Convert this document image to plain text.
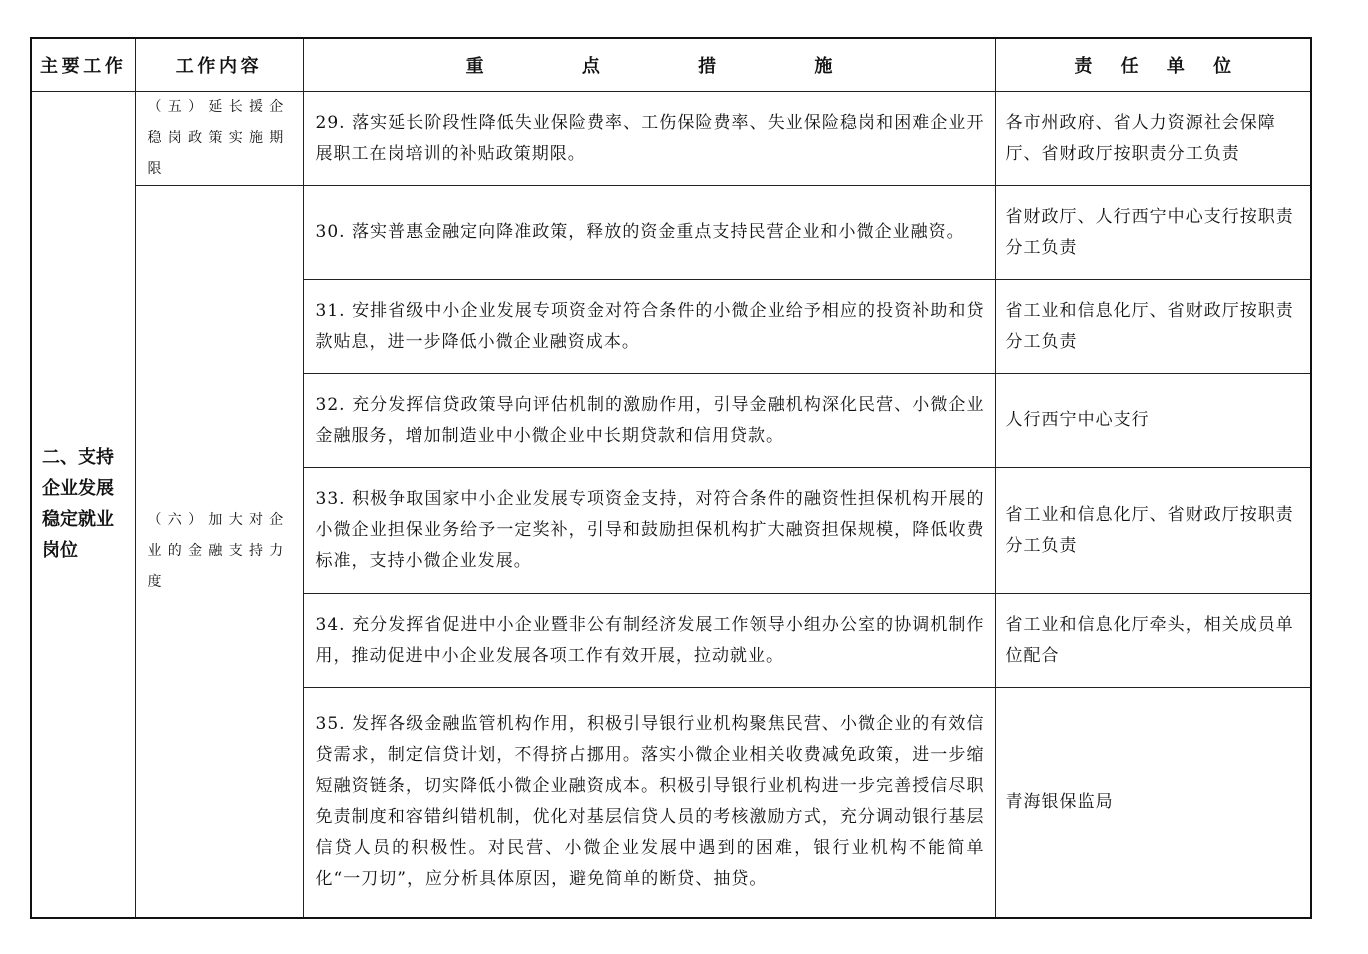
主要工作	工作内容	重 点 措 施	责 任 单 位
二、支持企业发展稳定就业岗位	（五）延长援企稳岗政策实施期限	29. 落实延长阶段性降低失业保险费率、工伤保险费率、失业保险稳岗和困难企业开展职工在岗培训的补贴政策期限。	各市州政府、省人力资源社会保障厅、省财政厅按职责分工负责
	（六）加大对企业的金融支持力度	30. 落实普惠金融定向降准政策，释放的资金重点支持民营企业和小微企业融资。	省财政厅、人行西宁中心支行按职责分工负责
		31. 安排省级中小企业发展专项资金对符合条件的小微企业给予相应的投资补助和贷款贴息，进一步降低小微企业融资成本。	省工业和信息化厅、省财政厅按职责分工负责
		32. 充分发挥信贷政策导向评估机制的激励作用，引导金融机构深化民营、小微企业金融服务，增加制造业中小微企业中长期贷款和信用贷款。	人行西宁中心支行
		33. 积极争取国家中小企业发展专项资金支持，对符合条件的融资性担保机构开展的小微企业担保业务给予一定奖补，引导和鼓励担保机构扩大融资担保规模，降低收费标准，支持小微企业发展。	省工业和信息化厅、省财政厅按职责分工负责
		34. 充分发挥省促进中小企业暨非公有制经济发展工作领导小组办公室的协调机制作用，推动促进中小企业发展各项工作有效开展，拉动就业。	省工业和信息化厅牵头，相关成员单位配合
		35. 发挥各级金融监管机构作用，积极引导银行业机构聚焦民营、小微企业的有效信贷需求，制定信贷计划，不得挤占挪用。落实小微企业相关收费减免政策，进一步缩短融资链条，切实降低小微企业融资成本。积极引导银行业机构进一步完善授信尽职免责制度和容错纠错机制，优化对基层信贷人员的考核激励方式，充分调动银行基层信贷人员的积极性。对民营、小微企业发展中遇到的困难，银行业机构不能简单化“一刀切”，应分析具体原因，避免简单的断贷、抽贷。	青海银保监局
